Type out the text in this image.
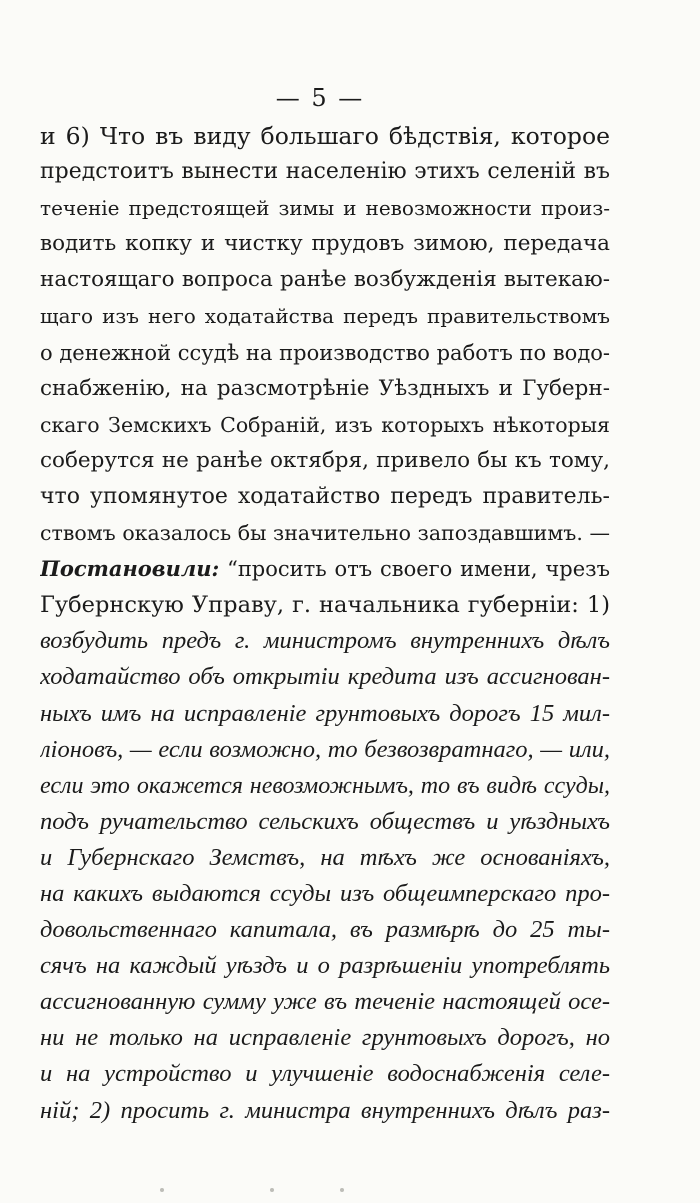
— 5 —
и 6) Что въ виду большаго бѣдствія, которое
предстоитъ вынести населенію этихъ селеній въ
теченіе предстоящей зимы и невозможности произ-
водить копку и чистку прудовъ зимою, передача
настоящаго вопроса ранѣе возбужденія вытекаю-
щаго изъ него ходатайства передъ правительствомъ
о денежной ссудѣ на производство работъ по водо-
снабженію, на разсмотрѣніе Уѣздныхъ и Губерн-
скаго Земскихъ Собраній, изъ которыхъ нѣкоторыя
соберутся не ранѣе октября, привело бы къ тому,
что упомянутое ходатайство передъ правитель-
ствомъ оказалось бы значительно запоздавшимъ. —
Постановили: “просить отъ своего имени, чрезъ
Губернскую Управу, г. начальника губерніи: 1)
возбудить предъ г. министромъ внутреннихъ дѣлъ
ходатайство объ открытіи кредита изъ ассигнован-
ныхъ имъ на исправленіе грунтовыхъ дорогъ 15 мил-
ліоновъ, — если возможно, то безвозвратнаго, — или,
если это окажется невозможнымъ, то въ видѣ ссуды,
подъ ручательство сельскихъ обществъ и уѣздныхъ
и Губернскаго Земствъ, на тѣхъ же основаніяхъ,
на какихъ выдаются ссуды изъ общеимперскаго про-
довольственнаго капитала, въ размѣрѣ до 25 ты-
сячъ на каждый уѣздъ и о разрѣшеніи употреблять
ассигнованную сумму уже въ теченіе настоящей осе-
ни не только на исправленіе грунтовыхъ дорогъ, но
и на устройство и улучшеніе водоснабженія селе-
ній; 2) просить г. министра внутреннихъ дѣлъ раз-
